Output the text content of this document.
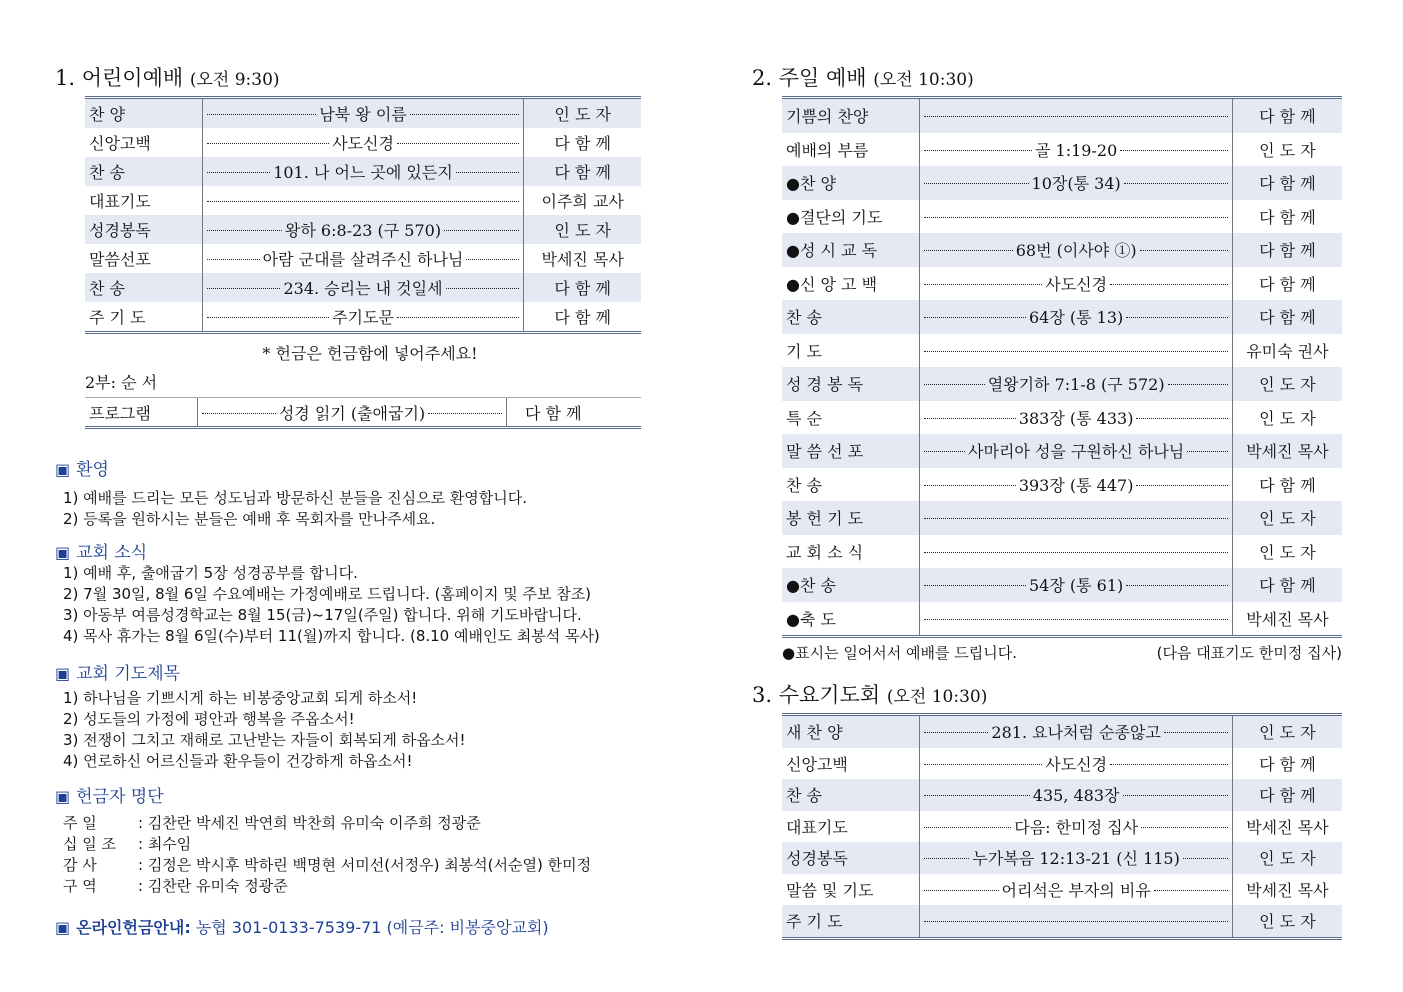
1. 어린이예배 (오전 9:30)
찬 양	남북 왕 이름	인 도 자
신앙고백	사도신경	다 함 께
찬 송	101. 나 어느 곳에 있든지	다 함 께
대표기도		이주희 교사
성경봉독	왕하 6:8-23 (구 570)	인 도 자
말씀선포	아람 군대를 살려주신 하나님	박세진 목사
찬 송	234. 승리는 내 것일세	다 함 께
주 기 도	주기도문	다 함 께
* 헌금은 헌금함에 넣어주세요!
2부: 순 서
프로그램	성경 읽기 (출애굽기)	다 함 께
▣ 환영
1) 예배를 드리는 모든 성도님과 방문하신 분들을 진심으로 환영합니다.
2) 등록을 원하시는 분들은 예배 후 목회자를 만나주세요.
▣ 교회 소식
1) 예배 후, 출애굽기 5장 성경공부를 합니다.
2) 7월 30일, 8월 6일 수요예배는 가정예배로 드립니다. (홈페이지 및 주보 참조)
3) 아동부 여름성경학교는 8월 15(금)~17일(주일) 합니다. 위해 기도바랍니다.
4) 목사 휴가는 8월 6일(수)부터 11(월)까지 합니다. (8.10 예배인도 최봉석 목사)
▣ 교회 기도제목
1) 하나님을 기쁘시게 하는 비봉중앙교회 되게 하소서!
2) 성도들의 가정에 평안과 행복을 주옵소서!
3) 전쟁이 그치고 재해로 고난받는 자들이 회복되게 하옵소서!
4) 연로하신 어르신들과 환우들이 건강하게 하옵소서!
▣ 헌금자 명단
주 일	: 김찬란 박세진 박연희 박찬희 유미숙 이주희 정광준
십 일 조	: 최수임
감 사	: 김정은 박시후 박하린 백명현 서미선(서정우) 최봉석(서순열) 한미정
구 역	: 김찬란 유미숙 정광준
▣ 온라인헌금안내: 농협 301-0133-7539-71 (예금주: 비봉중앙교회)
2. 주일 예배 (오전 10:30)
기쁨의 찬양		다 함 께
예배의 부름	골 1:19-20	인 도 자
●찬 양	10장(통 34)	다 함 께
●결단의 기도		다 함 께
●성 시 교 독	68번 (이사야 ①)	다 함 께
●신 앙 고 백	사도신경	다 함 께
찬 송	64장 (통 13)	다 함 께
기 도		유미숙 권사
성 경 봉 독	열왕기하 7:1-8 (구 572)	인 도 자
특 순	383장 (통 433)	인 도 자
말 씀 선 포	사마리아 성을 구원하신 하나님	박세진 목사
찬 송	393장 (통 447)	다 함 께
봉 헌 기 도		인 도 자
교 회 소 식		인 도 자
●찬 송	54장 (통 61)	다 함 께
●축 도		박세진 목사
●표시는 일어서서 예배를 드립니다.	(다음 대표기도 한미정 집사)
3. 수요기도회 (오전 10:30)
새 찬 양	281. 요나처럼 순종않고	인 도 자
신앙고백	사도신경	다 함 께
찬 송	435, 483장	다 함 께
대표기도	다음: 한미정 집사	박세진 목사
성경봉독	누가복음 12:13-21 (신 115)	인 도 자
말씀 및 기도	어리석은 부자의 비유	박세진 목사
주 기 도		인 도 자
